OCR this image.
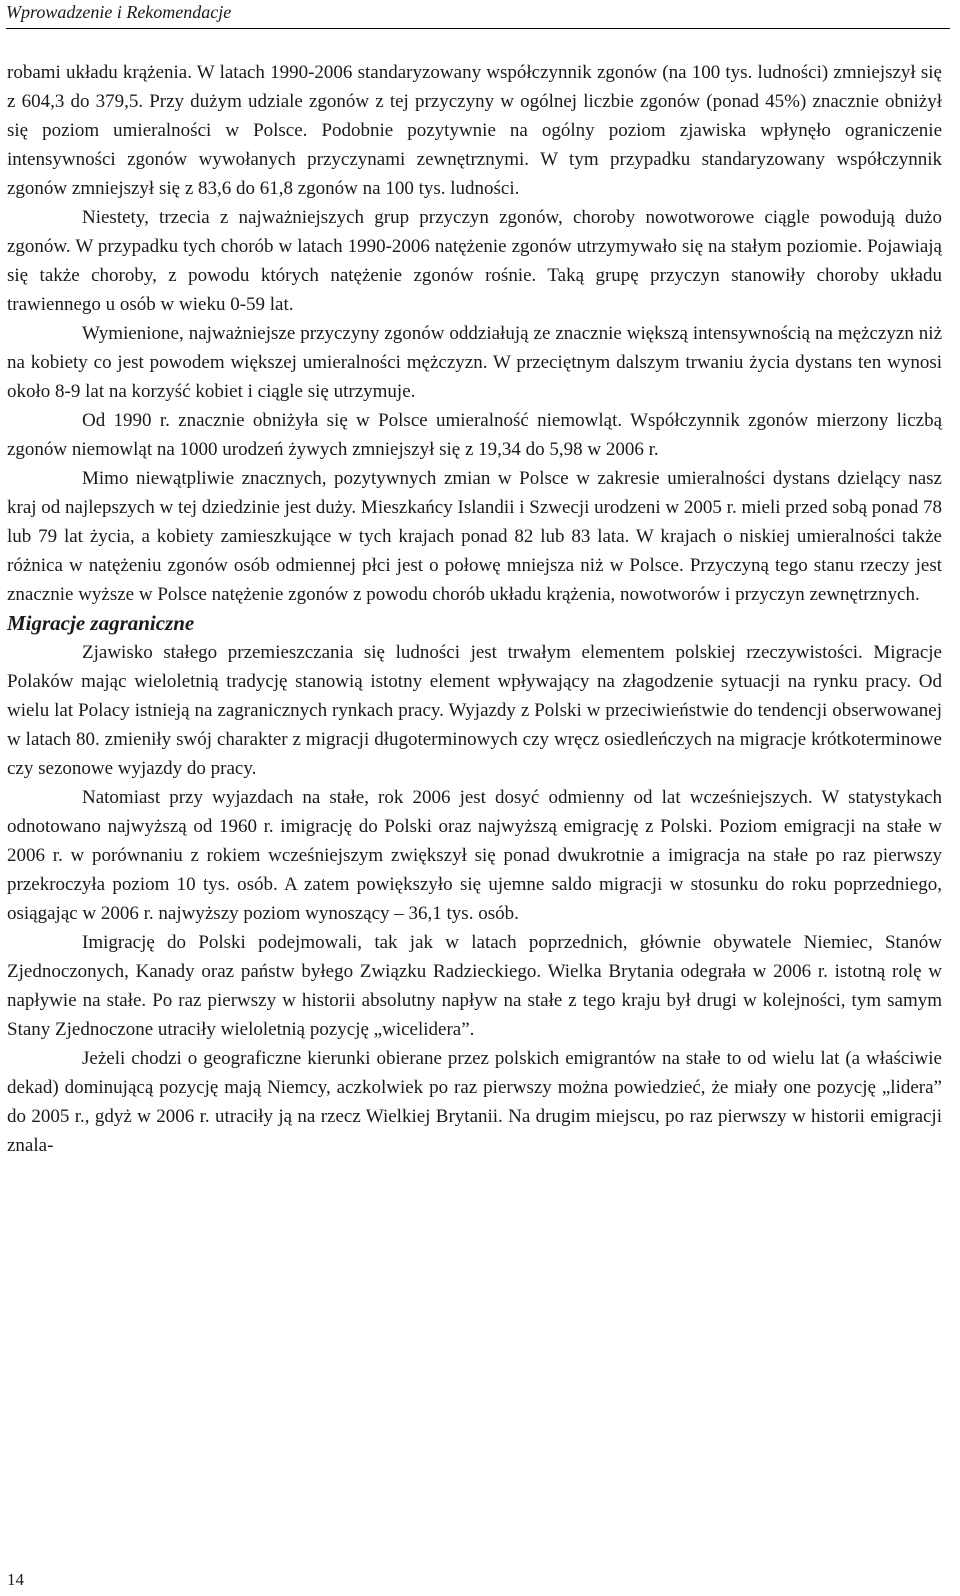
Wprowadzenie i Rekomendacje

robami układu krążenia. W latach 1990-2006 standaryzowany współczynnik zgonów (na 100 tys. ludności) zmniejszył się z 604,3 do 379,5. Przy dużym udziale zgonów z tej przyczyny w ogólnej liczbie zgonów (ponad 45%) znacznie obniżył się poziom umieralności w Polsce. Podobnie pozytywnie na ogólny poziom zjawiska wpłynęło ograniczenie intensywności zgonów wywołanych przyczynami zewnętrznymi. W tym przypadku standaryzowany współczynnik zgonów zmniejszył się z 83,6 do 61,8 zgonów na 100 tys. ludności.

Niestety, trzecia z najważniejszych grup przyczyn zgonów, choroby nowotworowe ciągle powodują dużo zgonów. W przypadku tych chorób w latach 1990-2006 natężenie zgonów utrzymywało się na stałym poziomie. Pojawiają się także choroby, z powodu których natężenie zgonów rośnie. Taką grupę przyczyn stanowiły choroby układu trawiennego u osób w wieku 0-59 lat.

Wymienione, najważniejsze przyczyny zgonów oddziałują ze znacznie większą intensywnością na mężczyzn niż na kobiety co jest powodem większej umieralności mężczyzn. W przeciętnym dalszym trwaniu życia dystans ten wynosi około 8-9 lat na korzyść kobiet i ciągle się utrzymuje.

Od 1990 r. znacznie obniżyła się w Polsce umieralność niemowląt. Współczynnik zgonów mierzony liczbą zgonów niemowląt na 1000 urodzeń żywych zmniejszył się z 19,34 do 5,98 w 2006 r.

Mimo niewątpliwie znacznych, pozytywnych zmian w Polsce w zakresie umieralności dystans dzielący nasz kraj od najlepszych w tej dziedzinie jest duży. Mieszkańcy Islandii i Szwecji urodzeni w 2005 r. mieli przed sobą ponad 78 lub 79 lat życia, a kobiety zamieszkujące w tych krajach ponad 82 lub 83 lata. W krajach o niskiej umieralności także różnica w natężeniu zgonów osób odmiennej płci jest o połowę mniejsza niż w Polsce. Przyczyną tego stanu rzeczy jest znacznie wyższe w Polsce natężenie zgonów z powodu chorób układu krążenia, nowotworów i przyczyn zewnętrznych.

Migracje zagraniczne

Zjawisko stałego przemieszczania się ludności jest trwałym elementem polskiej rzeczywistości. Migracje Polaków mając wieloletnią tradycję stanowią istotny element wpływający na złagodzenie sytuacji na rynku pracy. Od wielu lat Polacy istnieją na zagranicznych rynkach pracy. Wyjazdy z Polski w przeciwieństwie do tendencji obserwowanej w latach 80. zmieniły swój charakter z migracji długoterminowych czy wręcz osiedleńczych na migracje krótkoterminowe czy sezonowe wyjazdy do pracy.

Natomiast przy wyjazdach na stałe, rok 2006 jest dosyć odmienny od lat wcześniejszych. W statystykach odnotowano najwyższą od 1960 r. imigrację do Polski oraz najwyższą emigrację z Polski. Poziom emigracji na stałe w 2006 r. w porównaniu z rokiem wcześniejszym zwiększył się ponad dwukrotnie a imigracja na stałe po raz pierwszy przekroczyła poziom 10 tys. osób. A zatem powiększyło się ujemne saldo migracji w stosunku do roku poprzedniego, osiągając w 2006 r. najwyższy poziom wynoszący – 36,1 tys. osób.

Imigrację do Polski podejmowali, tak jak w latach poprzednich, głównie obywatele Niemiec, Stanów Zjednoczonych, Kanady oraz państw byłego Związku Radzieckiego. Wielka Brytania odegrała w 2006 r. istotną rolę w napływie na stałe. Po raz pierwszy w historii absolutny napływ na stałe z tego kraju był drugi w kolejności, tym samym Stany Zjednoczone utraciły wieloletnią pozycję „wicelidera”.

Jeżeli chodzi o geograficzne kierunki obierane przez polskich emigrantów na stałe to od wielu lat (a właściwie dekad) dominującą pozycję mają Niemcy, aczkolwiek po raz pierwszy można powiedzieć, że miały one pozycję „lidera” do 2005 r., gdyż w 2006 r. utraciły ją na rzecz Wielkiej Brytanii. Na drugim miejscu, po raz pierwszy w historii emigracji znala-

14
